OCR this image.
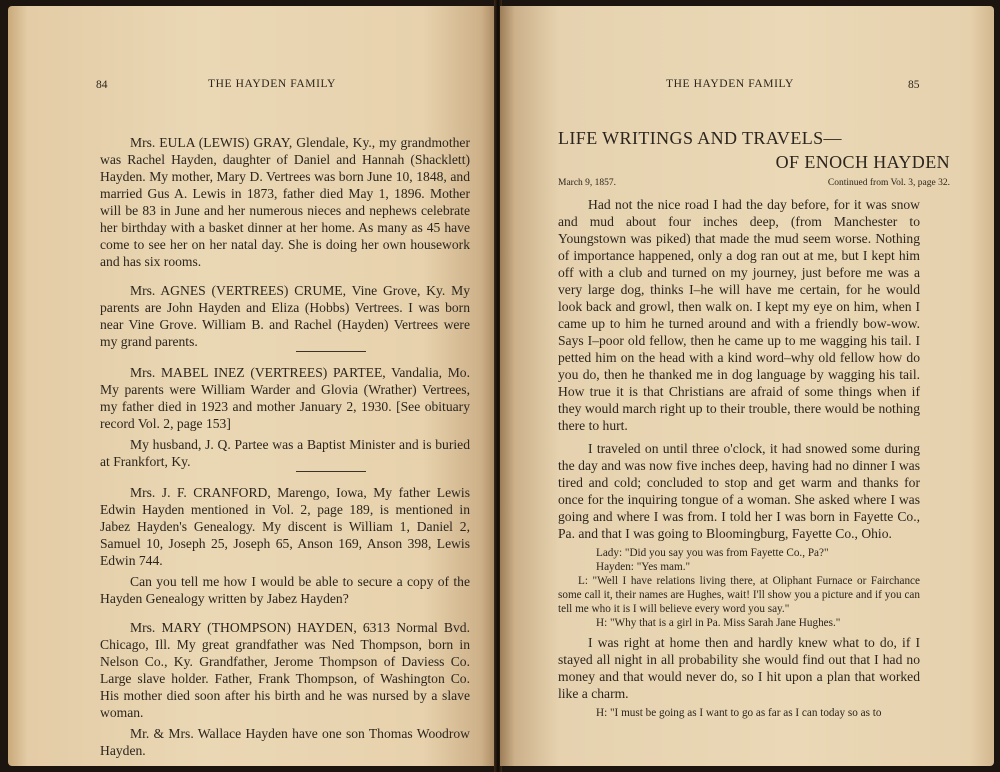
84	THE HAYDEN FAMILY

Mrs. EULA (LEWIS) GRAY, Glendale, Ky., my grandmother was Rachel Hayden, daughter of Daniel and Hannah (Shacklett) Hayden. My mother, Mary D. Vertrees was born June 10, 1848, and married Gus A. Lewis in 1873, father died May 1, 1896. Mother will be 83 in June and her numerous nieces and nephews celebrate her birthday with a basket dinner at her home. As many as 45 have come to see her on her natal day. She is doing her own housework and has six rooms.

Mrs. AGNES (VERTREES) CRUME, Vine Grove, Ky. My parents are John Hayden and Eliza (Hobbs) Vertrees. I was born near Vine Grove. William B. and Rachel (Hayden) Vertrees were my grand parents.

Mrs. MABEL INEZ (VERTREES) PARTEE, Vandalia, Mo. My parents were William Warder and Glovia (Wrather) Vertrees, my father died in 1923 and mother January 2, 1930. [See obituary record Vol. 2, page 153]

My husband, J. Q. Partee was a Baptist Minister and is buried at Frankfort, Ky.

Mrs. J. F. CRANFORD, Marengo, Iowa, My father Lewis Edwin Hayden mentioned in Vol. 2, page 189, is mentioned in Jabez Hayden's Genealogy. My discent is William 1, Daniel 2, Samuel 10, Joseph 25, Joseph 65, Anson 169, Anson 398, Lewis Edwin 744.

Can you tell me how I would be able to secure a copy of the Hayden Genealogy written by Jabez Hayden?

Mrs. MARY (THOMPSON) HAYDEN, 6313 Normal Bvd. Chicago, Ill. My great grandfather was Ned Thompson, born in Nelson Co., Ky. Grandfather, Jerome Thompson of Daviess Co. Large slave holder. Father, Frank Thompson, of Washington Co. His mother died soon after his birth and he was nursed by a slave woman.

Mr. & Mrs. Wallace Hayden have one son Thomas Woodrow Hayden.

THE HAYDEN FAMILY	85
LIFE WRITINGS AND TRAVELS—
OF ENOCH HAYDEN
March 9, 1857.	Continued from Vol. 3, page 32.

Had not the nice road I had the day before, for it was snow and mud about four inches deep, (from Manchester to Youngstown was piked) that made the mud seem worse. Nothing of importance happened, only a dog ran out at me, but I kept him off with a club and turned on my journey, just before me was a very large dog, thinks I–he will have me certain, for he would look back and growl, then walk on. I kept my eye on him, when I came up to him he turned around and with a friendly bow-wow. Says I–poor old fellow, then he came up to me wagging his tail. I petted him on the head with a kind word–why old fellow how do you do, then he thanked me in dog language by wagging his tail. How true it is that Christians are afraid of some things when if they would march right up to their trouble, there would be nothing there to hurt.

I traveled on until three o'clock, it had snowed some during the day and was now five inches deep, having had no dinner I was tired and cold; concluded to stop and get warm and thanks for once for the inquiring tongue of a woman. She asked where I was going and where I was from. I told her I was born in Fayette Co., Pa. and that I was going to Bloomingburg, Fayette Co., Ohio.

Lady: "Did you say you was from Fayette Co., Pa?"

Hayden: "Yes mam."

L: "Well I have relations living there, at Oliphant Furnace or Fairchance some call it, their names are Hughes, wait! I'll show you a picture and if you can tell me who it is I will believe every word you say."

H: "Why that is a girl in Pa. Miss Sarah Jane Hughes."

I was right at home then and hardly knew what to do, if I stayed all night in all probability she would find out that I had no money and that would never do, so I hit upon a plan that worked like a charm.

H: "I must be going as I want to go as far as I can today so as to
